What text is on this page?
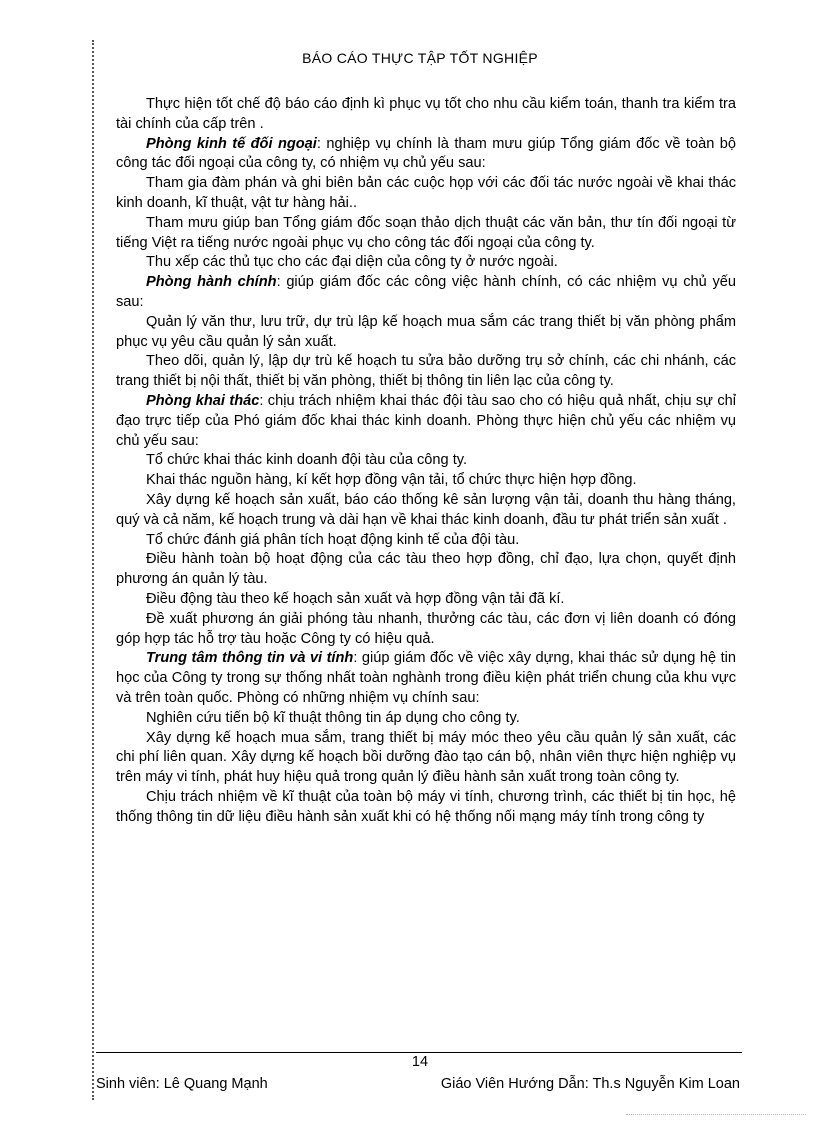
BÁO CÁO THỰC TẬP TỐT NGHIỆP

Thực hiện tốt chế độ báo cáo định kì phục vụ tốt cho nhu cầu kiểm toán, thanh tra kiểm tra tài chính của cấp trên .

Phòng kinh tế đối ngoại: nghiệp vụ chính là tham mưu giúp Tổng giám đốc về toàn bộ công tác đối ngoại của công ty, có nhiệm vụ chủ yếu sau:

Tham gia đàm phán và ghi biên bản các cuộc họp với các đối tác nước ngoài về khai thác kinh doanh, kĩ thuật, vật tư hàng hải..

Tham mưu giúp ban Tổng giám đốc soạn thảo dịch thuật các văn bản, thư tín đối ngoại từ tiếng Việt ra tiếng nước ngoài phục vụ cho công tác đối ngoại của công ty.

Thu xếp các thủ tục cho các đại diện của công ty ở nước ngoài.

Phòng hành chính: giúp giám đốc các công việc hành chính, có các nhiệm vụ chủ yếu sau:

Quản lý văn thư, lưu trữ, dự trù lập kế hoạch mua sắm các trang thiết bị văn phòng phẩm phục vụ yêu cầu quản lý sản xuất.

Theo dõi, quản lý, lập dự trù kế hoạch tu sửa bảo dưỡng trụ sở chính, các chi nhánh, các trang thiết bị nội thất, thiết bị văn phòng, thiết bị thông tin liên lạc của công ty.

Phòng khai thác: chịu trách nhiệm khai thác đội tàu sao cho có hiệu quả nhất, chịu sự chỉ đạo trực tiếp của Phó giám đốc khai thác kinh doanh. Phòng thực hiện chủ yếu các nhiệm vụ chủ yếu sau:

Tổ chức khai thác kinh doanh đội tàu của công ty.

Khai thác nguồn hàng, kí kết hợp đồng vận tải, tổ chức thực hiện hợp đồng.

Xây dựng kế hoạch sản xuất, báo cáo thống kê sản lượng vận tải, doanh thu hàng tháng, quý và cả năm, kế hoạch trung và dài hạn về khai thác kinh doanh, đầu tư phát triển sản xuất .

Tổ chức đánh giá phân tích hoạt động kinh tế của đội tàu.

Điều hành toàn bộ hoạt động của các tàu theo hợp đồng, chỉ đạo, lựa chọn, quyết định phương án quản lý tàu.

Điều động tàu theo kế hoạch sản xuất và hợp đồng vận tải đã kí.

Đề xuất phương án giải phóng tàu nhanh, thưởng các tàu, các đơn vị liên doanh có đóng góp hợp tác hỗ trợ tàu hoặc Công ty có hiệu quả.

Trung tâm thông tin và vi tính: giúp giám đốc về việc xây dựng, khai thác sử dụng hệ tin học của Công ty trong sự thống nhất toàn nghành trong điều kiện phát triển chung của khu vực và trên toàn quốc. Phòng có những nhiệm vụ chính sau:

Nghiên cứu tiến bộ kĩ thuật thông tin áp dụng cho công ty.

Xây dựng kế hoạch mua sắm, trang thiết bị máy móc theo yêu cầu quản lý sản xuất, các chi phí liên quan. Xây dựng kế hoạch bồi dưỡng đào tạo cán bộ, nhân viên thực hiện nghiệp vụ trên máy vi tính, phát huy hiệu quả trong quản lý điều hành sản xuất trong toàn công ty.

Chịu trách nhiệm về kĩ thuật của toàn bộ máy vi tính, chương trình, các thiết bị tin học, hệ thống thông tin dữ liệu điều hành sản xuất khi có hệ thống nối mạng máy tính trong công ty

14
Sinh viên: Lê Quang Mạnh	Giáo Viên Hướng Dẫn: Th.s Nguyễn Kim Loan
